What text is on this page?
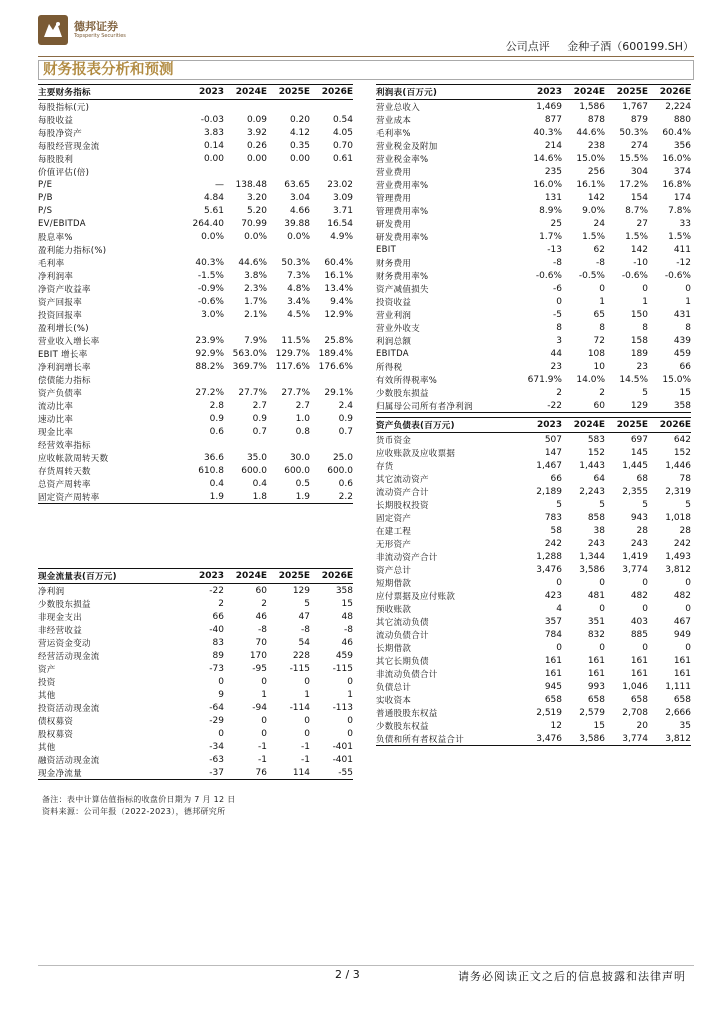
德邦证券
Topsperity Securities
公司点评 金种子酒（600199.SH）
财务报表分析和预测
主要财务指标	2023	2024E	2025E	2026E
每股指标(元)
每股收益	-0.03	0.09	0.20	0.54
每股净资产	3.83	3.92	4.12	4.05
每股经营现金流	0.14	0.26	0.35	0.70
每股股利	0.00	0.00	0.00	0.61
价值评估(倍)
P/E	—	138.48	63.65	23.02
P/B	4.84	3.20	3.04	3.09
P/S	5.61	5.20	4.66	3.71
EV/EBITDA	264.40	70.99	39.88	16.54
股息率%	0.0%	0.0%	0.0%	4.9%
盈利能力指标(%)
毛利率	40.3%	44.6%	50.3%	60.4%
净利润率	-1.5%	3.8%	7.3%	16.1%
净资产收益率	-0.9%	2.3%	4.8%	13.4%
资产回报率	-0.6%	1.7%	3.4%	9.4%
投资回报率	3.0%	2.1%	4.5%	12.9%
盈利增长(%)
营业收入增长率	23.9%	7.9%	11.5%	25.8%
EBIT 增长率	92.9% 563.0% 129.7% 189.4%
净利润增长率	88.2% 369.7% 117.6% 176.6%
偿债能力指标
资产负债率	27.2%	27.7%	27.7%	29.1%
流动比率	2.8	2.7	2.7	2.4
速动比率	0.9	0.9	1.0	0.9
现金比率	0.6	0.7	0.8	0.7
经营效率指标
应收帐款周转天数	36.6	35.0	30.0	25.0
存货周转天数	610.8	600.0	600.0	600.0
总资产周转率	0.4	0.4	0.5	0.6
固定资产周转率	1.9	1.8	1.9	2.2
利润表(百万元)	2023	2024E	2025E	2026E
营业总收入	1,469	1,586	1,767	2,224
营业成本	877	878	879	880
毛利率%	40.3%	44.6%	50.3%	60.4%
营业税金及附加	214	238	274	356
营业税金率%	14.6%	15.0%	15.5%	16.0%
营业费用	235	256	304	374
营业费用率%	16.0%	16.1%	17.2%	16.8%
管理费用	131	142	154	174
管理费用率%	8.9%	9.0%	8.7%	7.8%
研发费用	25	24	27	33
研发费用率%	1.7%	1.5%	1.5%	1.5%
EBIT	-13	62	142	411
财务费用	-8	-8	-10	-12
财务费用率%	-0.6%	-0.5%	-0.6%	-0.6%
资产减值损失	-6	0	0	0
投资收益	0	1	1	1
营业利润	-5	65	150	431
营业外收支	8	8	8	8
利润总额	3	72	158	439
EBITDA	44	108	189	459
所得税	23	10	23	66
有效所得税率%	671.9%	14.0%	14.5%	15.0%
少数股东损益	2	2	5	15
归属母公司所有者净利润	-22	60	129	358
资产负债表(百万元)	2023	2024E	2025E	2026E
货币资金	507	583	697	642
应收账款及应收票据	147	152	145	152
存货	1,467	1,443	1,445	1,446
其它流动资产	66	64	68	78
流动资产合计	2,189	2,243	2,355	2,319
长期股权投资	5	5	5	5
固定资产	783	858	943	1,018
在建工程	58	38	28	28
无形资产	242	243	243	242
非流动资产合计	1,288	1,344	1,419	1,493
资产总计	3,476	3,586	3,774	3,812
短期借款	0	0	0	0
应付票据及应付账款	423	481	482	482
预收账款	4	0	0	0
其它流动负债	357	351	403	467
流动负债合计	784	832	885	949
长期借款	0	0	0	0
其它长期负债	161	161	161	161
非流动负债合计	161	161	161	161
负债总计	945	993	1,046	1,111
实收资本	658	658	658	658
普通股股东权益	2,519	2,579	2,708	2,666
少数股东权益	12	15	20	35
负债和所有者权益合计	3,476	3,586	3,774	3,812
现金流量表(百万元)	2023	2024E	2025E	2026E
净利润	-22	60	129	358
少数股东损益	2	2	5	15
非现金支出	66	46	47	48
非经营收益	-40	-8	-8	-8
营运资金变动	83	70	54	46
经营活动现金流	89	170	228	459
资产	-73	-95	-115	-115
投资	0	0	0	0
其他	9	1	1	1
投资活动现金流	-64	-94	-114	-113
债权募资	-29	0	0	0
股权募资	0	0	0	0
其他	-34	-1	-1	-401
融资活动现金流	-63	-1	-1	-401
现金净流量	-37	76	114	-55
备注：表中计算估值指标的收盘价日期为 7 月 12 日
资料来源：公司年报（2022-2023），德邦研究所
2 / 3	请务必阅读正文之后的信息披露和法律声明
